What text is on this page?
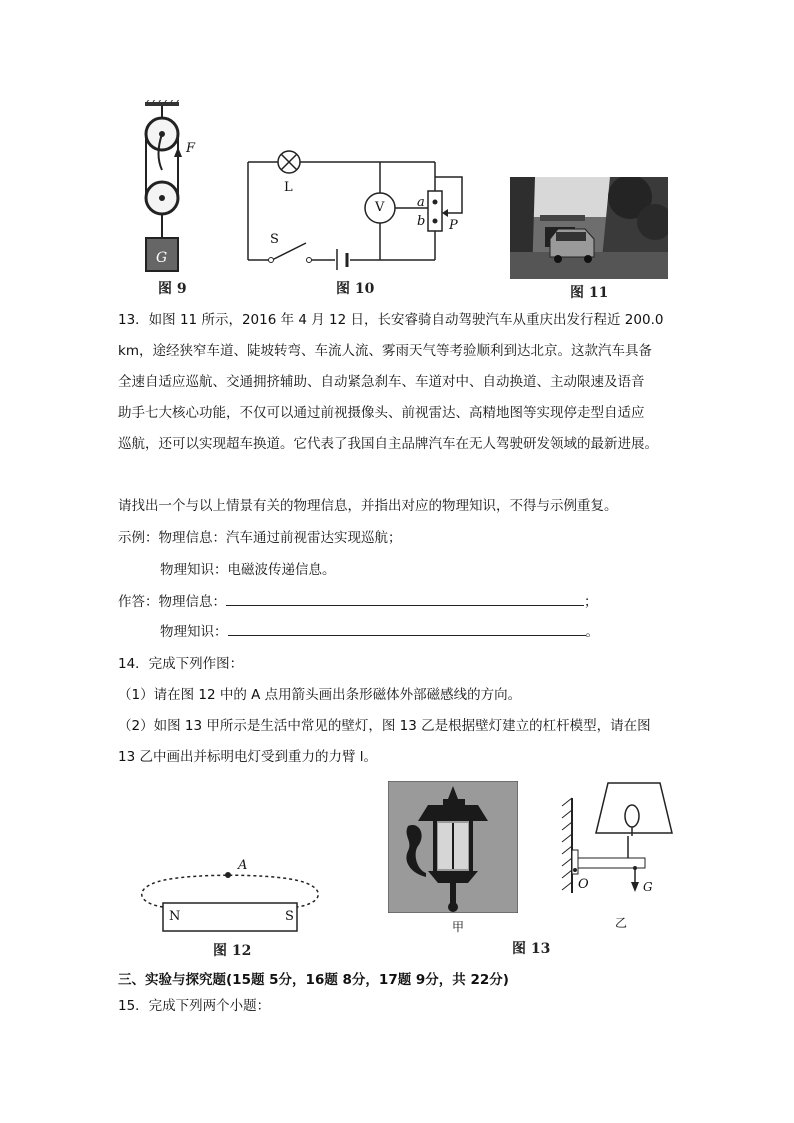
F
G
图 9
L
V
S
a
b P
图 10	图 11
13．如图 11 所示，2016 年 4 月 12 日，长安睿骑自动驾驶汽车从重庆出发行程近 200.0
km，途经狭窄车道、陡坡转弯、车流人流、雾雨天气等考验顺利到达北京。这款汽车具备
全速自适应巡航、交通拥挤辅助、自动紧急刹车、车道对中、自动换道、主动限速及语音
助手七大核心功能，不仅可以通过前视摄像头、前视雷达、高精地图等实现停走型自适应
巡航，还可以实现超车换道。它代表了我国自主品牌汽车在无人驾驶研发领域的最新进展。
请找出一个与以上情景有关的物理信息，并指出对应的物理知识，不得与示例重复。
示例：物理信息：汽车通过前视雷达实现巡航；
物理知识：电磁波传递信息。
作答：物理信息：	；
物理知识：	。
14．完成下列作图：
（1）请在图 12 中的 A 点用箭头画出条形磁体外部磁感线的方向。
（2）如图 13 甲所示是生活中常见的壁灯，图 13 乙是根据壁灯建立的杠杆模型，请在图
13 乙中画出并标明电灯受到重力的力臂 l。
A
N	S
图 12
甲
O	G
乙
图 13
三、实验与探究题(15题 5分，16题 8分，17题 9分，共 22分)
15．完成下列两个小题：
